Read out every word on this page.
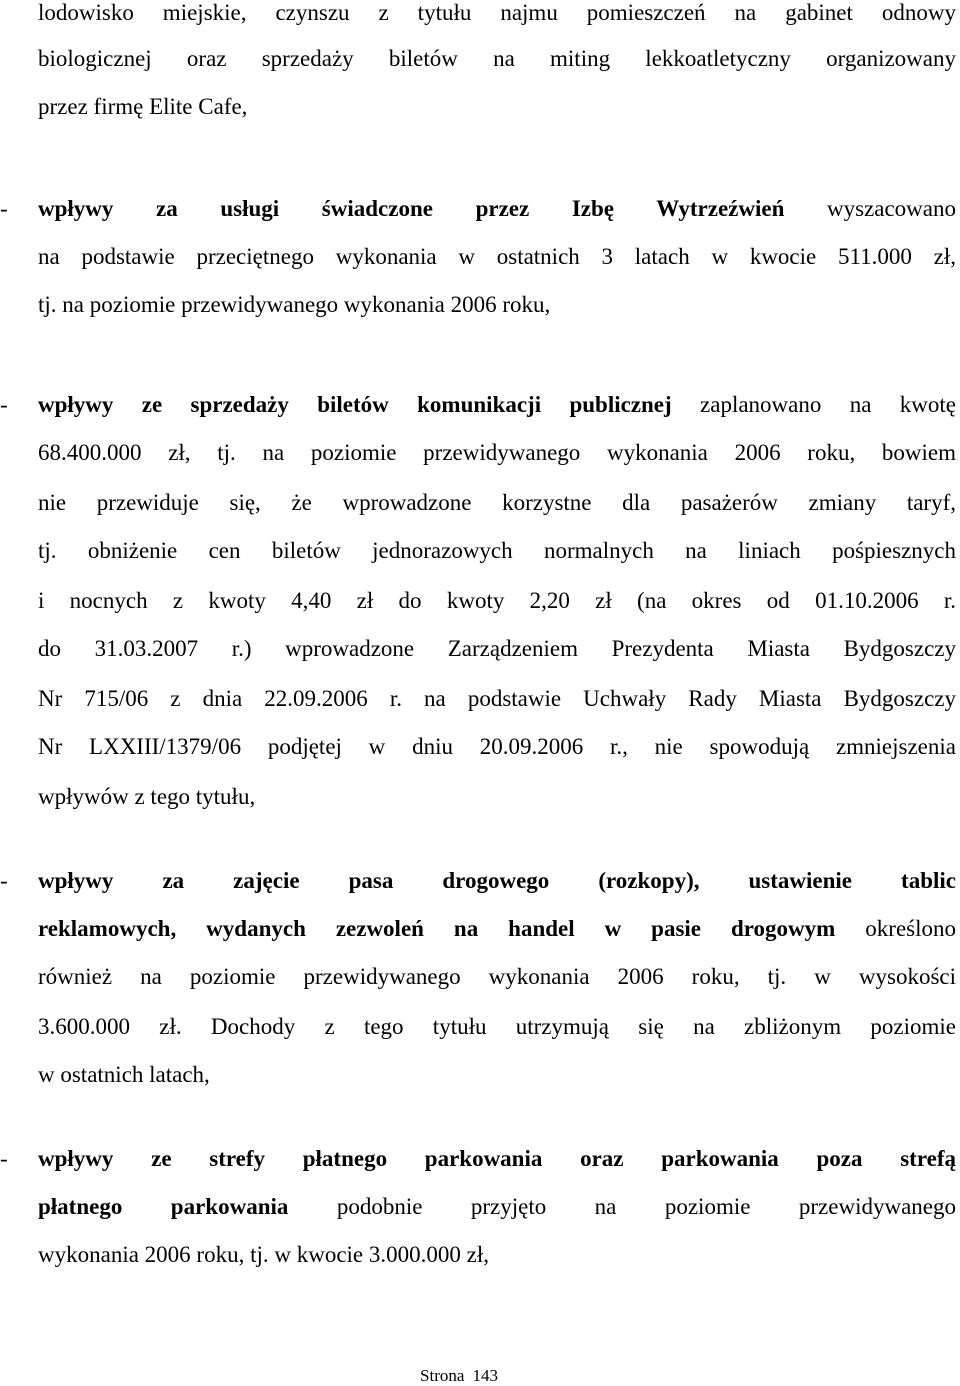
lodowisko miejskie, czynszu z tytułu najmu pomieszczeń na gabinet odnowy
biologicznej oraz sprzedaży biletów na miting lekkoatletyczny organizowany
przez firmę Elite Cafe,
- wpływy za usługi świadczone przez Izbę Wytrzeźwień wyszacowano
na podstawie przeciętnego wykonania w ostatnich 3 latach w kwocie 511.000 zł,
tj. na poziomie przewidywanego wykonania 2006 roku,
- wpływy ze sprzedaży biletów komunikacji publicznej zaplanowano na kwotę
68.400.000 zł, tj. na poziomie przewidywanego wykonania 2006 roku, bowiem
nie przewiduje się, że wprowadzone korzystne dla pasażerów zmiany taryf,
tj. obniżenie cen biletów jednorazowych normalnych na liniach pośpiesznych
i nocnych z kwoty 4,40 zł do kwoty 2,20 zł (na okres od 01.10.2006 r.
do 31.03.2007 r.) wprowadzone Zarządzeniem Prezydenta Miasta Bydgoszczy
Nr 715/06 z dnia 22.09.2006 r. na podstawie Uchwały Rady Miasta Bydgoszczy
Nr LXXIII/1379/06 podjętej w dniu 20.09.2006 r., nie spowodują zmniejszenia
wpływów z tego tytułu,
- wpływy za zajęcie pasa drogowego (rozkopy), ustawienie tablic
reklamowych, wydanych zezwoleń na handel w pasie drogowym określono
również na poziomie przewidywanego wykonania 2006 roku, tj. w wysokości
3.600.000 zł. Dochody z tego tytułu utrzymują się na zbliżonym poziomie
w ostatnich latach,
- wpływy ze strefy płatnego parkowania oraz parkowania poza strefą
płatnego parkowania podobnie przyjęto na poziomie przewidywanego
wykonania 2006 roku, tj. w kwocie 3.000.000 zł,
Strona 143
